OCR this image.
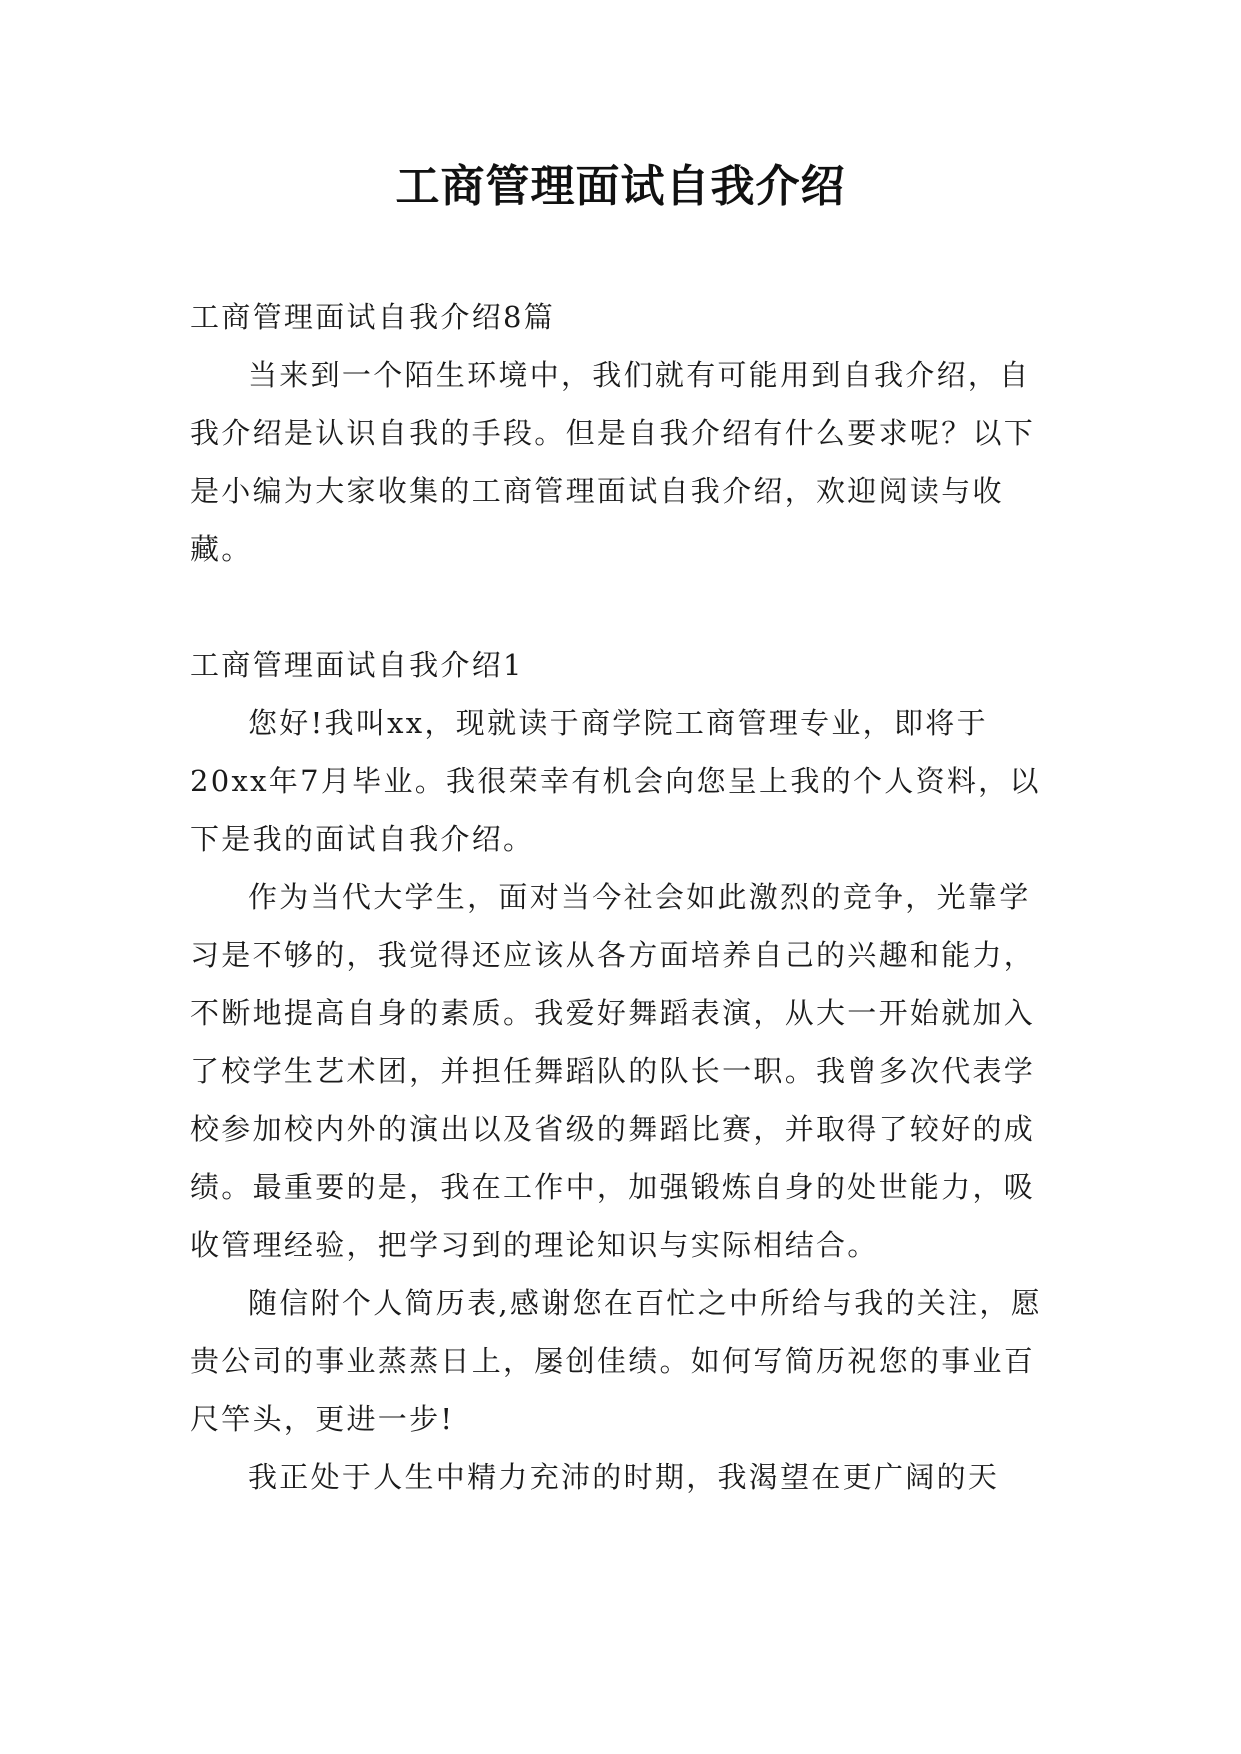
工商管理面试自我介绍

工商管理面试自我介绍8篇

当来到一个陌生环境中，我们就有可能用到自我介绍，自我介绍是认识自我的手段。但是自我介绍有什么要求呢？以下是小编为大家收集的工商管理面试自我介绍，欢迎阅读与收藏。

工商管理面试自我介绍1

您好!我叫xx，现就读于商学院工商管理专业，即将于20xx年7月毕业。我很荣幸有机会向您呈上我的个人资料，以下是我的面试自我介绍。

作为当代大学生，面对当今社会如此激烈的竞争，光靠学习是不够的，我觉得还应该从各方面培养自己的兴趣和能力，不断地提高自身的素质。我爱好舞蹈表演，从大一开始就加入了校学生艺术团，并担任舞蹈队的队长一职。我曾多次代表学校参加校内外的演出以及省级的舞蹈比赛，并取得了较好的成绩。最重要的是，我在工作中，加强锻炼自身的处世能力，吸收管理经验，把学习到的理论知识与实际相结合。

随信附个人简历表,感谢您在百忙之中所给与我的关注，愿贵公司的事业蒸蒸日上，屡创佳绩。如何写简历祝您的事业百尺竿头，更进一步!

我正处于人生中精力充沛的时期，我渴望在更广阔的天
